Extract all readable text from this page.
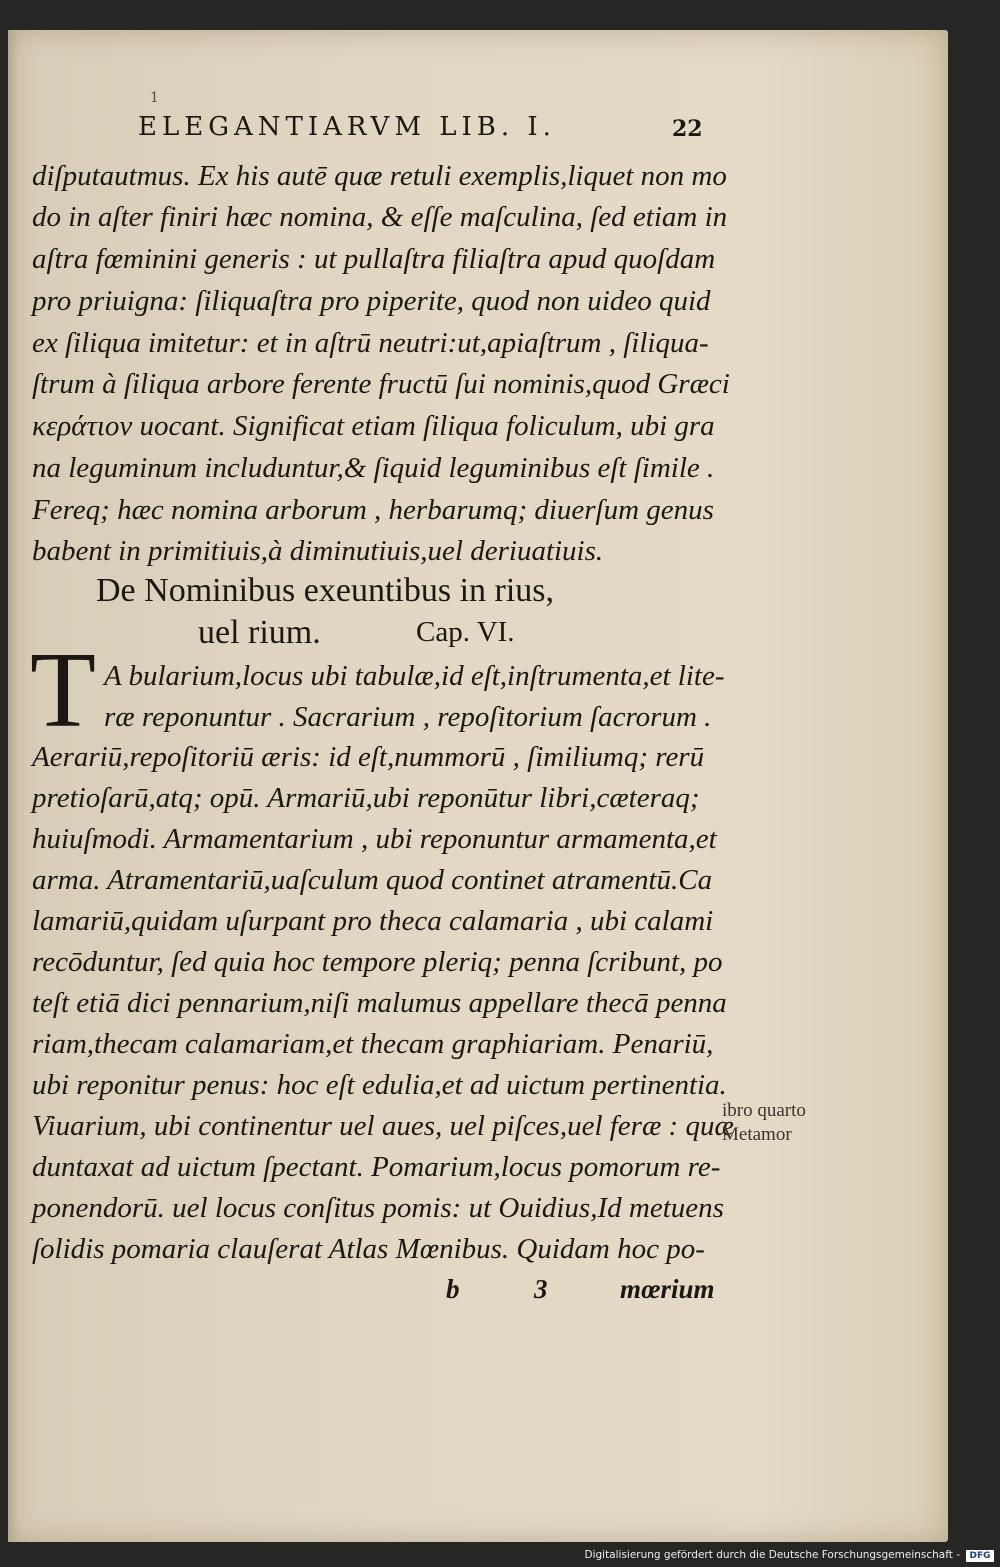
1
ELEGANTIARVM LIB. I.	22
diſputautmus. Ex his autē quæ retuli exemplis,liquet non mo
do in aſter finiri hæc nomina, & eſſe maſculina, ſed etiam in
aſtra fœminini generis : ut pullaſtra filiaſtra apud quoſdam
pro priuigna: ſiliquaſtra pro piperite, quod non uideo quid
ex ſiliqua imitetur: et in aſtrū neutri:ut,apiaſtrum , ſiliqua-
ſtrum à ſiliqua arbore ferente fructū ſui nominis,quod Græci
κεράτιον uocant. Significat etiam ſiliqua foliculum, ubi gra
na leguminum includuntur,& ſiquid leguminibus eſt ſimile .
Fereq; hæc nomina arborum , herbarumq; diuerſum genus
babent in primitiuis,à diminutiuis,uel deriuatiuis.
De Nominibus exeuntibus in rius,
uel rium.	Cap. VI.
T A bularium,locus ubi tabulæ,id eſt,inſtrumenta,et lite-
ræ reponuntur . Sacrarium , repoſitorium ſacrorum .
Aerariū,repoſitoriū æris: id eſt,nummorū , ſimiliumq; rerū
pretioſarū,atq; opū. Armariū,ubi reponūtur libri,cæteraq;
huiuſmodi. Armamentarium , ubi reponuntur armamenta,et
arma. Atramentariū,uaſculum quod continet atramentū.Ca
lamariū,quidam uſurpant pro theca calamaria , ubi calami
recōduntur, ſed quia hoc tempore pleriq; penna ſcribunt, po
teſt etiā dici pennarium,niſi malumus appellare thecā penna
riam,thecam calamariam,et thecam graphiariam. Penariū,
ubi reponitur penus: hoc eſt edulia,et ad uictum pertinentia.
Viuarium, ubi continentur uel aues, uel piſces,uel feræ : quæ
duntaxat ad uictum ſpectant. Pomarium,locus pomorum re-
ponendorū. uel locus conſitus pomis: ut Ouidius,Id metuens
ſolidis pomaria clauſerat Atlas Mœnibus. Quidam hoc po-
ibro quarto
Metamor
b	3	mœrium
Digitalisierung gefördert durch die Deutsche Forschungsgemeinschaft -	DFG
